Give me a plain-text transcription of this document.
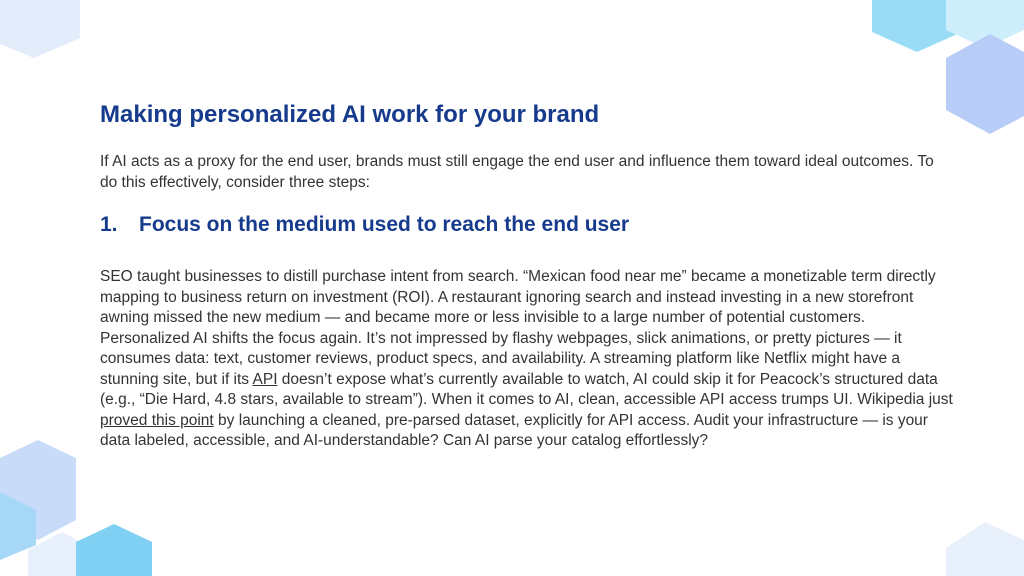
Making personalized AI work for your brand

If AI acts as a proxy for the end user, brands must still engage the end user and influence them toward ideal outcomes. To do this effectively, consider three steps:

1. Focus on the medium used to reach the end user

SEO taught businesses to distill purchase intent from search. “Mexican food near me” became a monetizable term directly mapping to business return on investment (ROI). A restaurant ignoring search and instead investing in a new storefront awning missed the new medium — and became more or less invisible to a large number of potential customers. Personalized AI shifts the focus again. It’s not impressed by flashy webpages, slick animations, or pretty pictures — it consumes data: text, customer reviews, product specs, and availability. A streaming platform like Netflix might have a stunning site, but if its API doesn’t expose what’s currently available to watch, AI could skip it for Peacock’s structured data (e.g., “Die Hard, 4.8 stars, available to stream”). When it comes to AI, clean, accessible API access trumps UI. Wikipedia just proved this point by launching a cleaned, pre-parsed dataset, explicitly for API access. Audit your infrastructure — is your data labeled, accessible, and AI-understandable? Can AI parse your catalog effortlessly?
